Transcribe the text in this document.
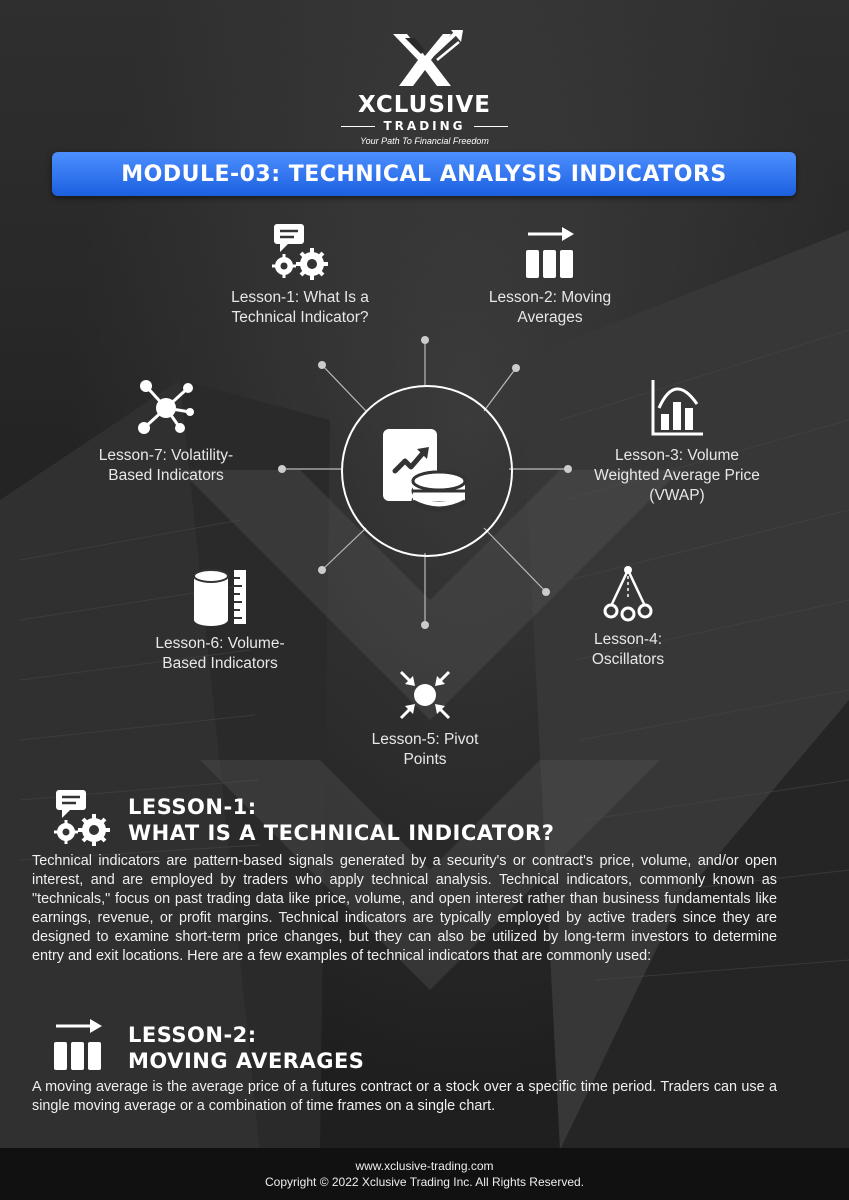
XCLUSIVE
TRADING
Your Path To Financial Freedom
MODULE-03: TECHNICAL ANALYSIS INDICATORS
Lesson-1: What Is a Technical Indicator?
Lesson-2: Moving Averages
Lesson-3: Volume Weighted Average Price (VWAP)
Lesson-4: Oscillators
Lesson-5: Pivot Points
Lesson-6: Volume-Based Indicators
Lesson-7: Volatility-Based Indicators
LESSON-1:
WHAT IS A TECHNICAL INDICATOR?
Technical indicators are pattern-based signals generated by a security's or contract's price, volume, and/or open interest, and are employed by traders who apply technical analysis. Technical indicators, commonly known as "technicals," focus on past trading data like price, volume, and open interest rather than business fundamentals like earnings, revenue, or profit margins. Technical indicators are typically employed by active traders since they are designed to examine short-term price changes, but they can also be utilized by long-term investors to determine entry and exit locations. Here are a few examples of technical indicators that are commonly used:
LESSON-2:
MOVING AVERAGES
A moving average is the average price of a futures contract or a stock over a specific time period. Traders can use a single moving average or a combination of time frames on a single chart.
www.xclusive-trading.com
Copyright © 2022 Xclusive Trading Inc. All Rights Reserved.
